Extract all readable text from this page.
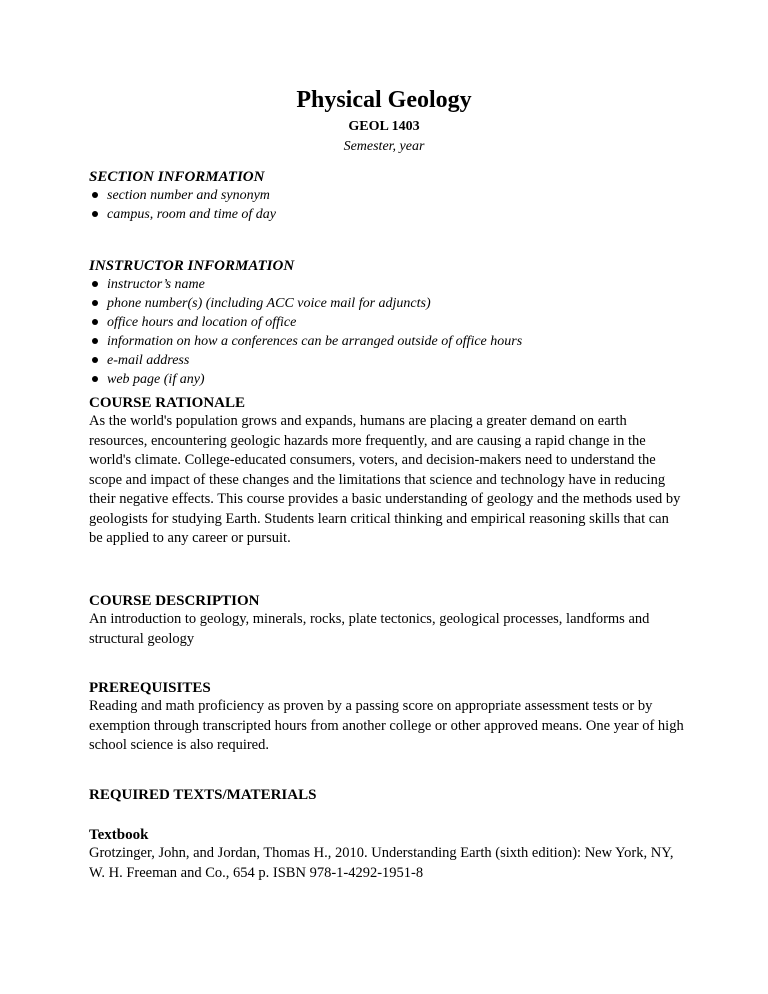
Physical Geology
GEOL 1403
Semester, year
SECTION INFORMATION
section number and synonym
campus, room and time of day
INSTRUCTOR INFORMATION
instructor’s name
phone number(s) (including ACC voice mail for adjuncts)
office hours and location of office
information on how a conferences can be arranged outside of office hours
e-mail address
web page (if any)
COURSE RATIONALE

As the world's population grows and expands, humans are placing a greater demand on earth resources, encountering geologic hazards more frequently, and are causing a rapid change in the world's climate. College-educated consumers, voters, and decision-makers need to understand the scope and impact of these changes and the limitations that science and technology have in reducing their negative effects. This course provides a basic understanding of geology and the methods used by geologists for studying Earth. Students learn critical thinking and empirical reasoning skills that can be applied to any career or pursuit.

COURSE DESCRIPTION

An introduction to geology, minerals, rocks, plate tectonics, geological processes, landforms and structural geology

PREREQUISITES

Reading and math proficiency as proven by a passing score on appropriate assessment tests or by exemption through transcripted hours from another college or other approved means. One year of high school science is also required.

REQUIRED TEXTS/MATERIALS
Textbook

Grotzinger, John, and Jordan, Thomas H., 2010. Understanding Earth (sixth edition): New York, NY, W. H. Freeman and Co., 654 p. ISBN 978-1-4292-1951-8
